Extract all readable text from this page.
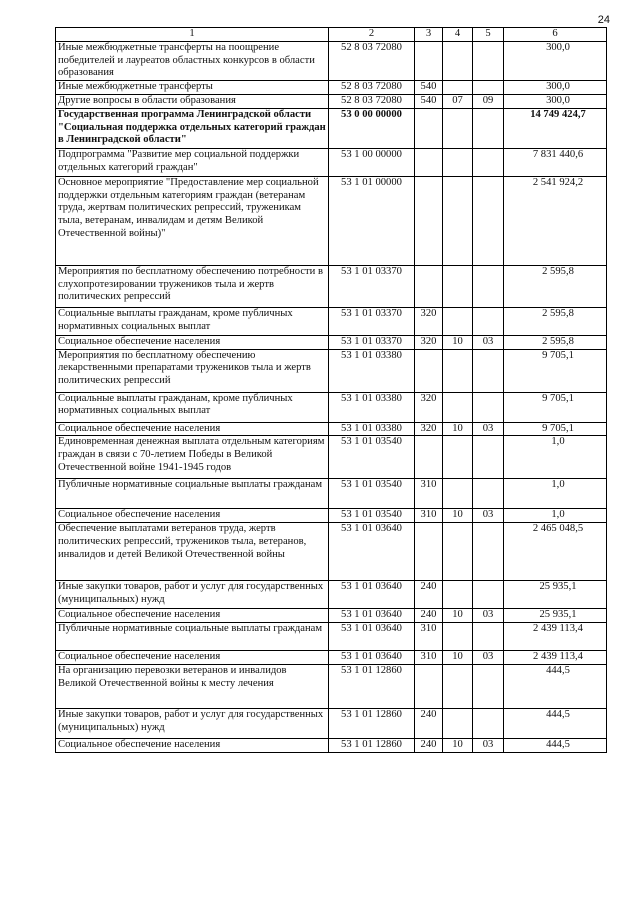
24
1	2	3	4	5	6
Иные межбюджетные трансферты на поощрение победителей и лауреатов областных конкурсов в области образования	52 8 03 72080				300,0
Иные межбюджетные трансферты	52 8 03 72080	540			300,0
Другие вопросы в области образования	52 8 03 72080	540	07	09	300,0
Государственная программа Ленинградской области "Социальная поддержка отдельных категорий граждан в Ленинградской области"	53 0 00 00000				14 749 424,7
Подпрограмма "Развитие мер социальной поддержки отдельных категорий граждан"	53 1 00 00000				7 831 440,6
Основное мероприятие "Предоставление мер социальной поддержки отдельным категориям граждан (ветеранам труда, жертвам политических репрессий, труженикам тыла, ветеранам, инвалидам и детям Великой Отечественной войны)"	53 1 01 00000				2 541 924,2
Мероприятия по бесплатному обеспечению потребности в слухопротезировании тружеников тыла и жертв политических репрессий	53 1 01 03370				2 595,8
Социальные выплаты гражданам, кроме публичных нормативных социальных выплат	53 1 01 03370	320			2 595,8
Социальное обеспечение населения	53 1 01 03370	320	10	03	2 595,8
Мероприятия по бесплатному обеспечению лекарственными препаратами тружеников тыла и жертв политических репрессий	53 1 01 03380				9 705,1
Социальные выплаты гражданам, кроме публичных нормативных социальных выплат	53 1 01 03380	320			9 705,1
Социальное обеспечение населения	53 1 01 03380	320	10	03	9 705,1
Единовременная денежная выплата отдельным категориям граждан в связи с 70-летием Победы в Великой Отечественной войне 1941-1945 годов	53 1 01 03540				1,0
Публичные нормативные социальные выплаты гражданам	53 1 01 03540	310			1,0
Социальное обеспечение населения	53 1 01 03540	310	10	03	1,0
Обеспечение выплатами ветеранов труда, жертв политических репрессий, тружеников тыла, ветеранов, инвалидов и детей Великой Отечественной войны	53 1 01 03640				2 465 048,5
Иные закупки товаров, работ и услуг для государственных (муниципальных) нужд	53 1 01 03640	240			25 935,1
Социальное обеспечение населения	53 1 01 03640	240	10	03	25 935,1
Публичные нормативные социальные выплаты гражданам	53 1 01 03640	310			2 439 113,4
Социальное обеспечение населения	53 1 01 03640	310	10	03	2 439 113,4
На организацию перевозки ветеранов и инвалидов Великой Отечественной войны к месту лечения	53 1 01 12860				444,5
Иные закупки товаров, работ и услуг для государственных (муниципальных) нужд	53 1 01 12860	240			444,5
Социальное обеспечение населения	53 1 01 12860	240	10	03	444,5
